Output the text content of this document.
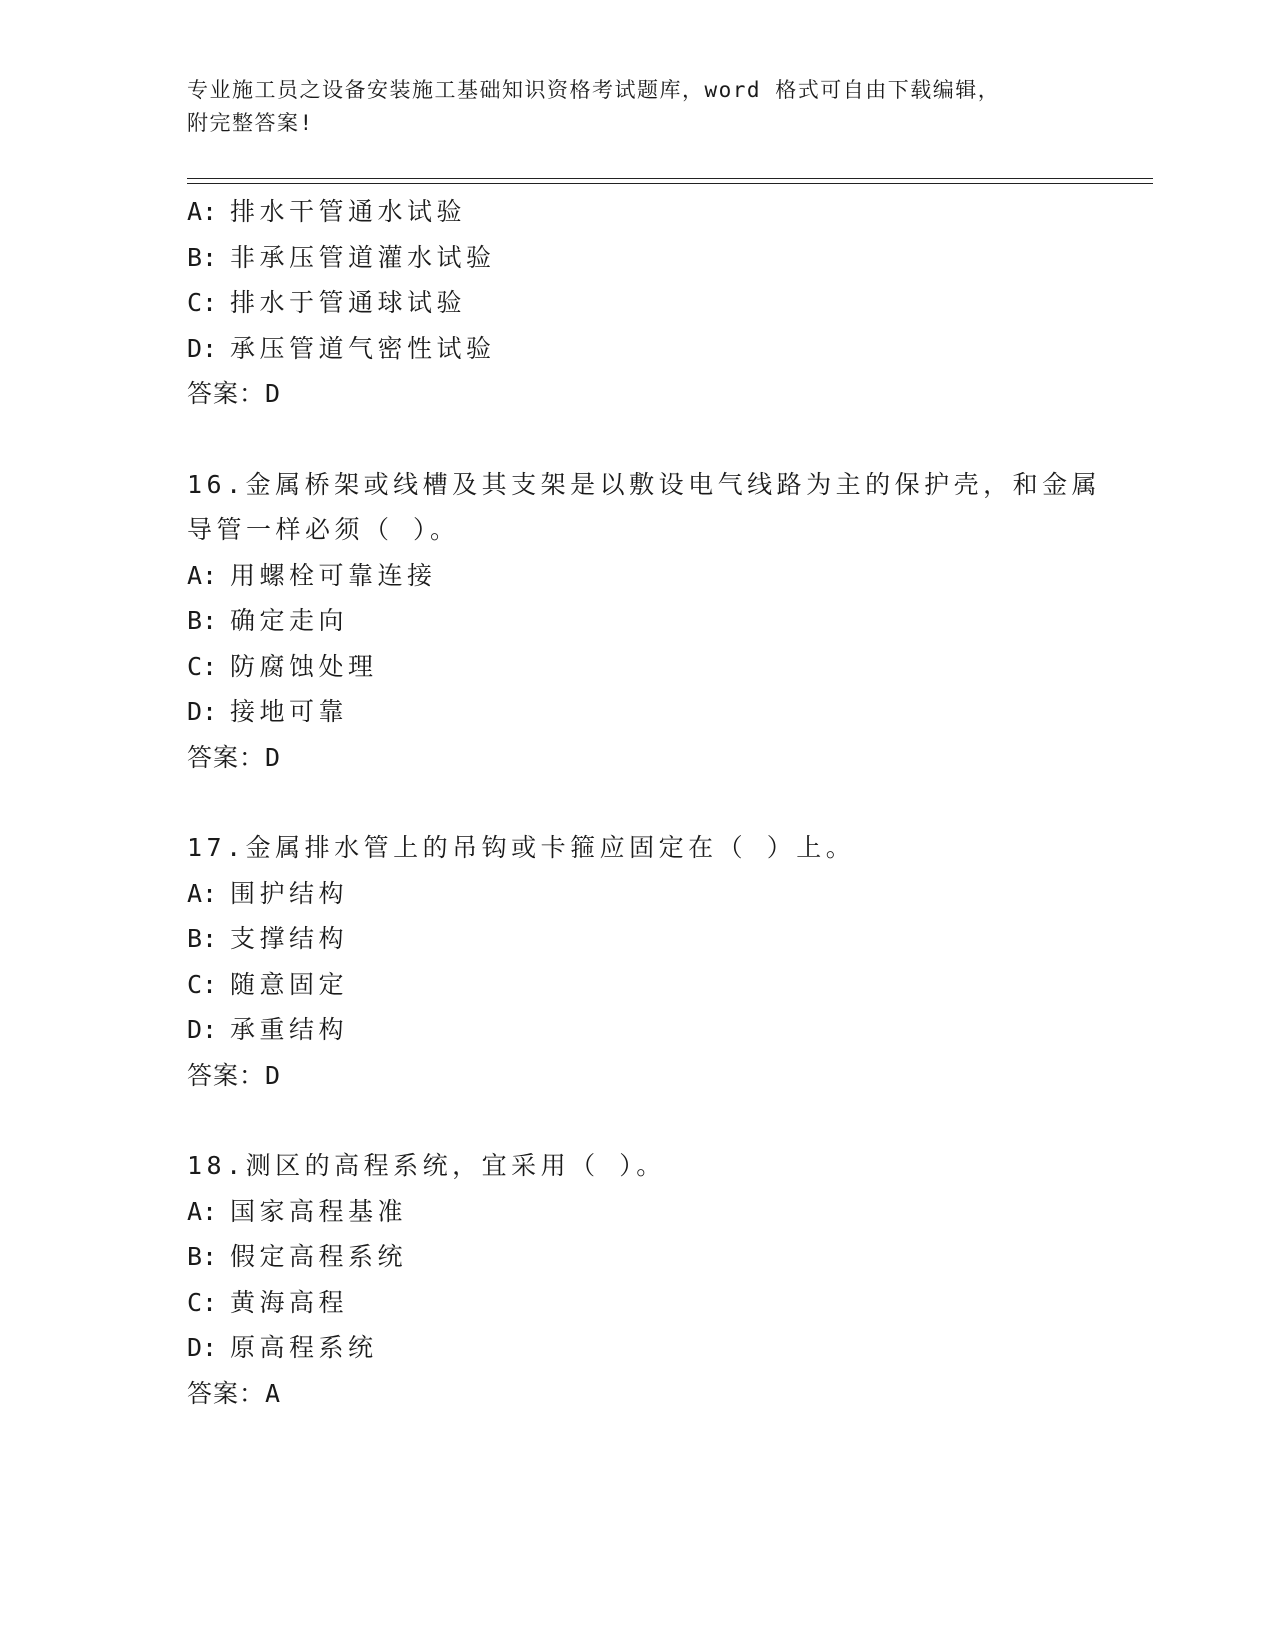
专业施工员之设备安装施工基础知识资格考试题库，word 格式可自由下载编辑，
附完整答案!
A: 排水干管通水试验
B: 非承压管道灌水试验
C: 排水于管通球试验
D: 承压管道气密性试验
答案：D
16.金属桥架或线槽及其支架是以敷设电气线路为主的保护壳，和金属
导管一样必须（ ）。
A: 用螺栓可靠连接
B: 确定走向
C: 防腐蚀处理
D: 接地可靠
答案：D
17.金属排水管上的吊钩或卡箍应固定在（ ）上。
A: 围护结构
B: 支撑结构
C: 随意固定
D: 承重结构
答案：D
18.测区的高程系统，宜采用（ ）。
A: 国家高程基准
B: 假定高程系统
C: 黄海高程
D: 原高程系统
答案：A
